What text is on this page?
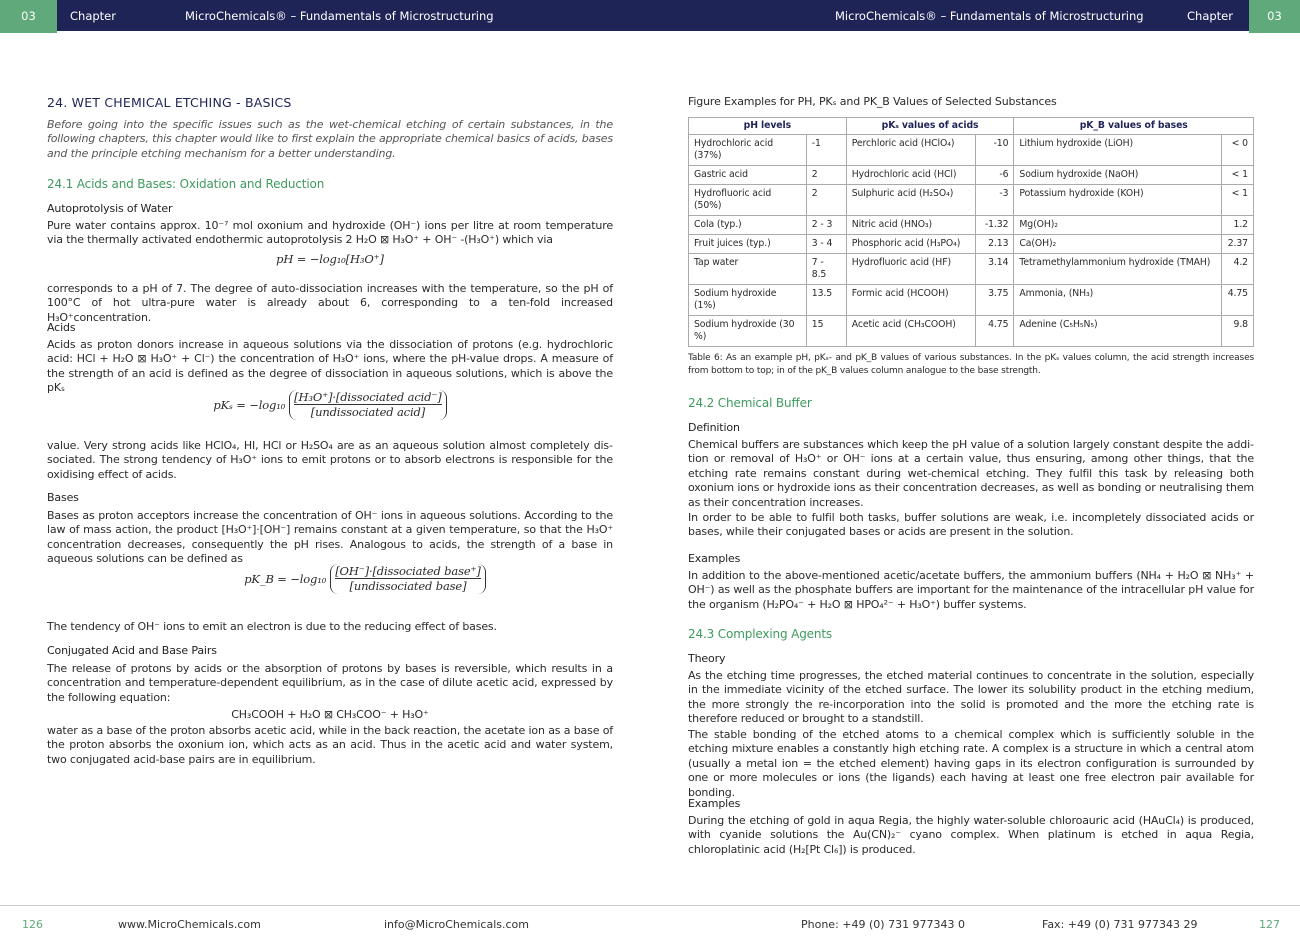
03	Chapter	MicroChemicals® – Fundamentals of Microstructuring	MicroChemicals® – Fundamentals of Microstructuring	Chapter	03
24. WET CHEMICAL ETCHING - BASICS
Before going into the specific issues such as the wet-chemical etching of certain substances, in the following chapters, this chapter would like to first explain the appropriate chemical basics of acids, bases and the principle etching mechanism for a better understanding.
24.1 Acids and Bases: Oxidation and Reduction
Autoprotolysis of Water
Pure water contains approx. 10⁻⁷ mol oxonium and hydroxide (OH⁻) ions per litre at room temperature via the thermally activated endothermic autoprotolysis 2 H₂O ⊠ H₃O⁺ + OH⁻ -(H₃O⁺) which via
pH = −log₁₀[H₃O⁺]
corresponds to a pH of 7. The degree of auto-dissociation increases with the temperature, so the pH of 100°C of hot ultra-pure water is already about 6, corresponding to a ten-fold increased H₃O⁺concentration.
Acids
Acids as proton donors increase in aqueous solutions via the dissociation of protons (e.g. hydrochloric acid: HCl + H₂O ⊠ H₃O⁺ + Cl⁻) the concentration of H₃O⁺ ions, where the pH-value drops. A measure of the strength of an acid is defined as the degree of dissociation in aqueous solutions, which is above the pKₛ
pKₛ = −log₁₀
[H₃O⁺]·[dissociated acid⁻]
[undissociated acid]
value. Very strong acids like HClO₄, HI, HCl or H₂SO₄ are as an aqueous solution almost completely dissociated. The strong tendency of H₃O⁺ ions to emit protons or to absorb electrons is responsible for the oxidising effect of acids.
Bases
Bases as proton acceptors increase the concentration of OH⁻ ions in aqueous solutions. According to the law of mass action, the product [H₃O⁺]·[OH⁻] remains constant at a given temperature, so that the H₃O⁺ concentration decreases, consequently the pH rises. Analogous to acids, the strength of a base in aqueous solutions can be defined as
pK_B = −log₁₀
[OH⁻]·[dissociated base⁺]
[undissociated base]
The tendency of OH⁻ ions to emit an electron is due to the reducing effect of bases.
Conjugated Acid and Base Pairs
The release of protons by acids or the absorption of protons by bases is reversible, which results in a concentration and temperature-dependent equilibrium, as in the case of dilute acetic acid, expressed by the following equation:
CH₃COOH + H₂O ⊠ CH₃COO⁻ + H₃O⁺
water as a base of the proton absorbs acetic acid, while in the back reaction, the acetate ion as a base of the proton absorbs the oxonium ion, which acts as an acid. Thus in the acetic acid and water system, two conjugated acid-base pairs are in equilibrium.
Figure Examples for PH, PKₛ and PK_B Values of Selected Substances
pH levels		pKₛ values of acids		pK_B values of bases	
Hydrochloric acid (37%)	-1	Perchloric acid (HClO₄)	-10	Lithium hydroxide (LiOH)	< 0
Gastric acid	2	Hydrochloric acid (HCl)	-6	Sodium hydroxide (NaOH)	< 1
Hydrofluoric acid (50%)	2	Sulphuric acid (H₂SO₄)	-3	Potassium hydroxide (KOH)	< 1
Cola (typ.)	2 - 3	Nitric acid (HNO₃)	-1.32	Mg(OH)₂	1.2
Fruit juices (typ.)	3 - 4	Phosphoric acid (H₃PO₄)	2.13	Ca(OH)₂	2.37
Tap water	7 - 8.5	Hydrofluoric acid (HF)	3.14	Tetramethylammonium hydroxide (TMAH)	4.2
Sodium hydroxide (1%)	13.5	Formic acid (HCOOH)	3.75	Ammonia, (NH₃)	4.75
Sodium hydroxide (30 %)	15	Acetic acid (CH₃COOH)	4.75	Adenine (C₅H₅N₅)	9.8
Table 6: As an example pH, pKₛ- and pK_B values of various substances. In the pKₛ values column, the acid strength increases from bottom to top; in of the pK_B values column analogue to the base strength.
24.2 Chemical Buffer
Definition
Chemical buffers are substances which keep the pH value of a solution largely constant despite the addition or removal of H₃O⁺ or OH⁻ ions at a certain value, thus ensuring, among other things, that the etching rate remains constant during wet-chemical etching. They fulfil this task by releasing both oxonium ions or hydroxide ions as their concentration decreases, as well as bonding or neutralising them as their concentration increases.
In order to be able to fulfil both tasks, buffer solutions are weak, i.e. incompletely dissociated acids or bases, while their conjugated bases or acids are present in the solution.
Examples
In addition to the above-mentioned acetic/acetate buffers, the ammonium buffers (NH₄ + H₂O ⊠ NH₃⁺ + OH⁻) as well as the phosphate buffers are important for the maintenance of the intracellular pH value for the organism (H₂PO₄⁻ + H₂O ⊠ HPO₄²⁻ + H₃O⁺) buffer systems.
24.3 Complexing Agents
Theory
As the etching time progresses, the etched material continues to concentrate in the solution, especially in the immediate vicinity of the etched surface. The lower its solubility product in the etching medium, the more strongly the re-incorporation into the solid is promoted and the more the etching rate is therefore reduced or brought to a standstill.
The stable bonding of the etched atoms to a chemical complex which is sufficiently soluble in the etching mixture enables a constantly high etching rate. A complex is a structure in which a central atom (usually a metal ion = the etched element) having gaps in its electron configuration is surrounded by one or more molecules or ions (the ligands) each having at least one free electron pair available for bonding.
Examples
During the etching of gold in aqua Regia, the highly water-soluble chloroauric acid (HAuCl₄) is produced, with cyanide solutions the Au(CN)₂⁻ cyano complex. When platinum is etched in aqua Regia, chloroplatinic acid (H₂[Pt Cl₆]) is produced.
126	www.MicroChemicals.com	info@MicroChemicals.com	Phone: +49 (0) 731 977343 0	Fax: +49 (0) 731 977343 29	127
